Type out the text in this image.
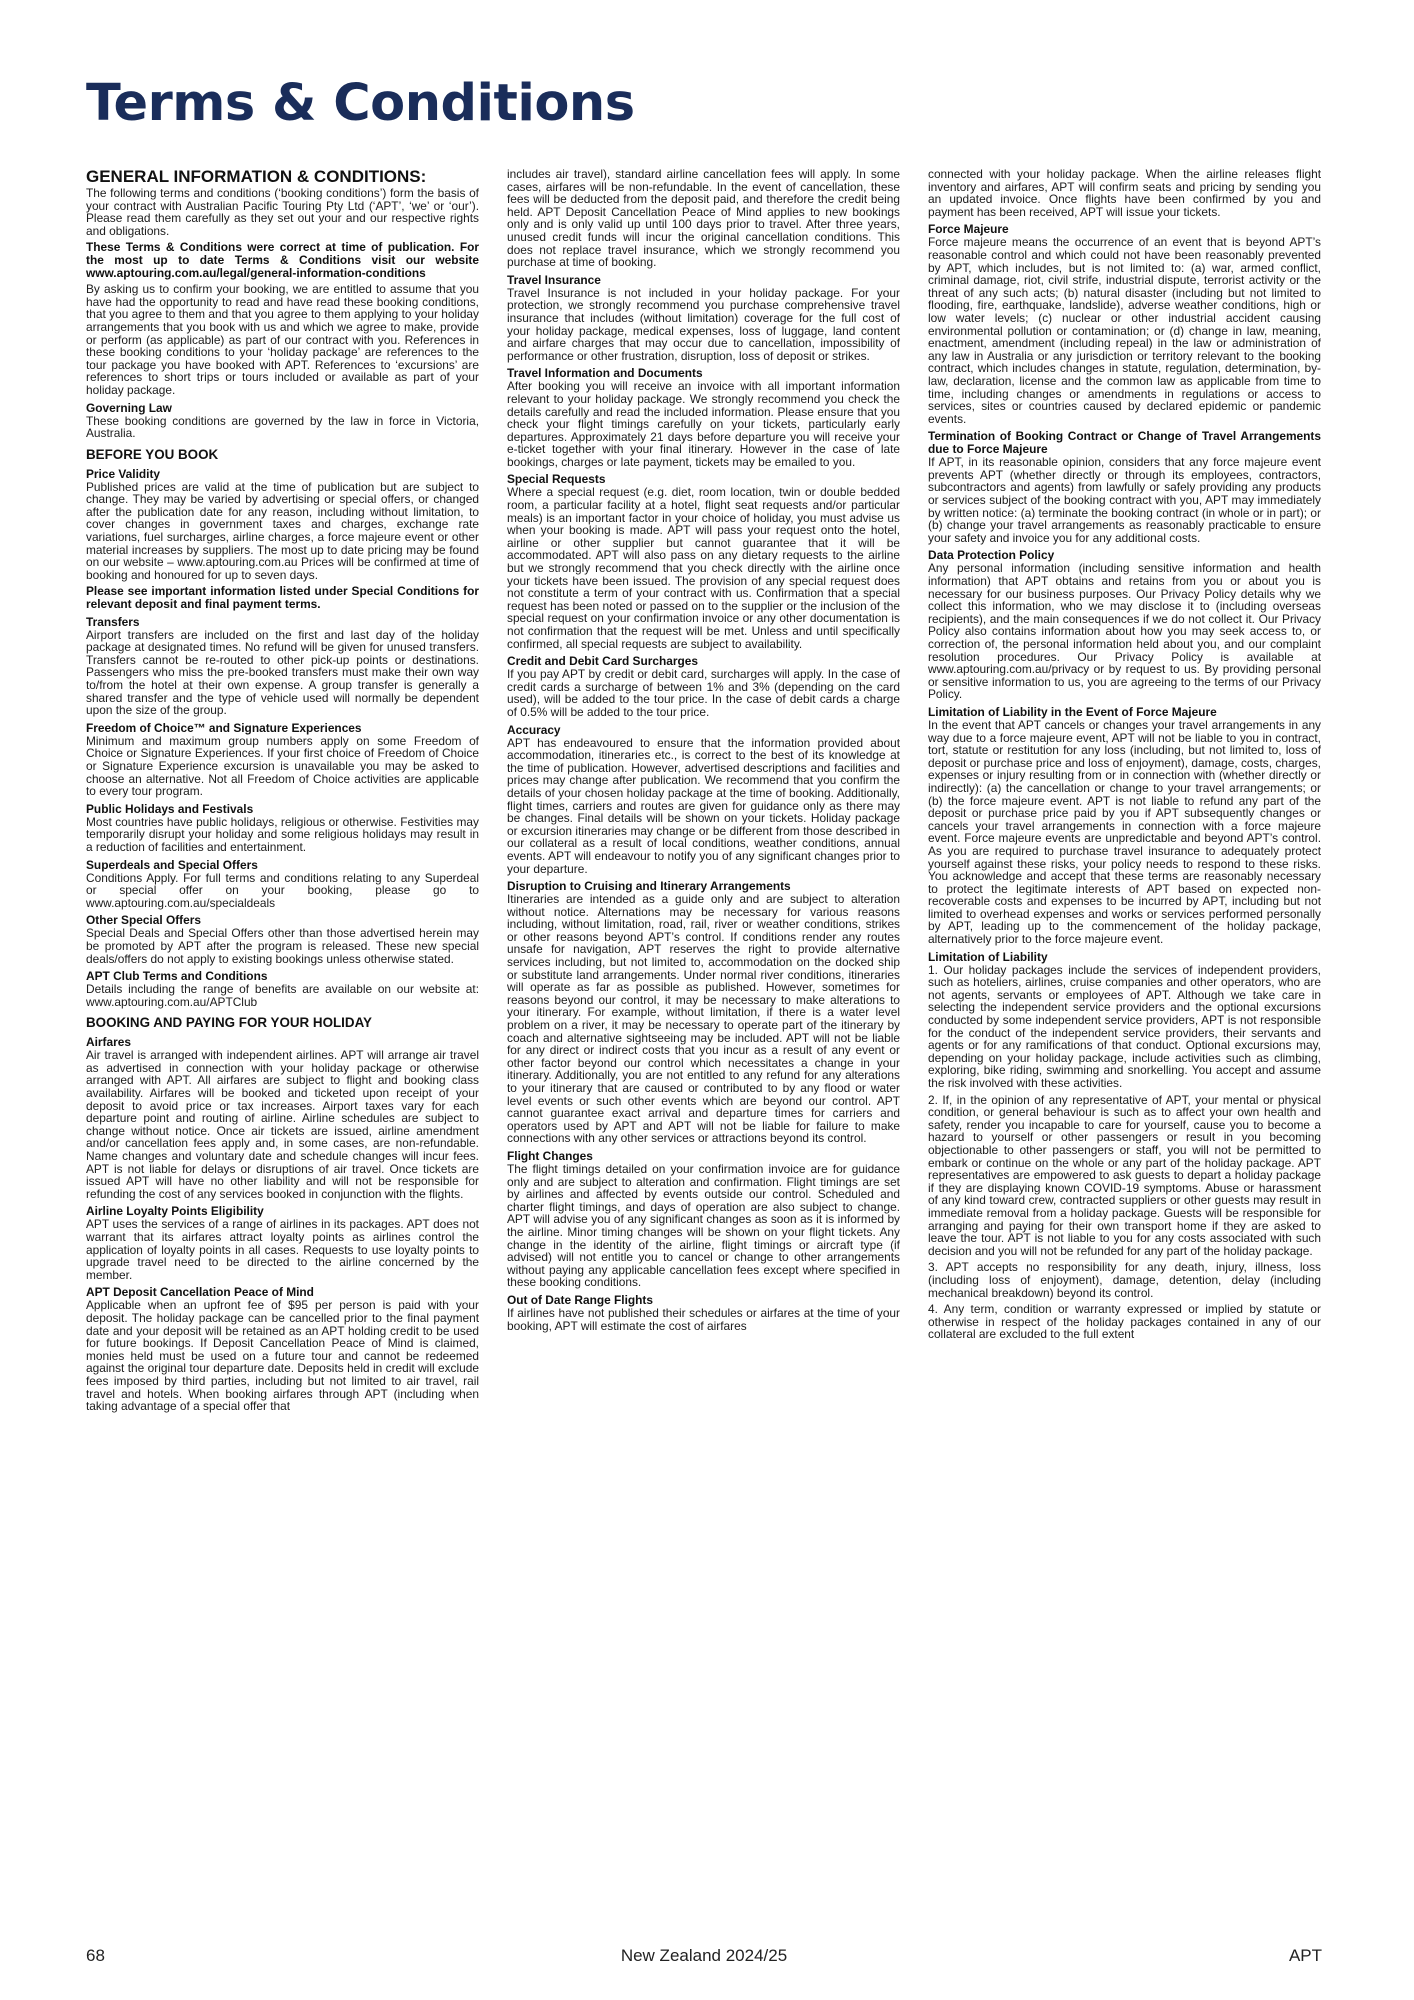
Terms & Conditions
GENERAL INFORMATION & CONDITIONS:

The following terms and conditions (‘booking conditions’) form the basis of your contract with Australian Pacific Touring Pty Ltd (‘APT’, ‘we’ or ‘our’). Please read them carefully as they set out your and our respective rights and obligations.

These Terms & Conditions were correct at time of publication. For the most up to date Terms & Conditions visit our website www.aptouring.com.au/legal/general-information-conditions

By asking us to confirm your booking, we are entitled to assume that you have had the opportunity to read and have read these booking conditions, that you agree to them and that you agree to them applying to your holiday arrangements that you book with us and which we agree to make, provide or perform (as applicable) as part of our contract with you. References in these booking conditions to your ‘holiday package’ are references to the tour package you have booked with APT. References to ‘excursions’ are references to short trips or tours included or available as part of your holiday package.

Governing Law

These booking conditions are governed by the law in force in Victoria, Australia.

BEFORE YOU BOOK
Price Validity

Published prices are valid at the time of publication but are subject to change. They may be varied by advertising or special offers, or changed after the publication date for any reason, including without limitation, to cover changes in government taxes and charges, exchange rate variations, fuel surcharges, airline charges, a force majeure event or other material increases by suppliers. The most up to date pricing may be found on our website – www.aptouring.com.au Prices will be confirmed at time of booking and honoured for up to seven days.

Please see important information listed under Special Conditions for relevant deposit and final payment terms.

Transfers

Airport transfers are included on the first and last day of the holiday package at designated times. No refund will be given for unused transfers. Transfers cannot be re-routed to other pick-up points or destinations. Passengers who miss the pre-booked transfers must make their own way to/from the hotel at their own expense. A group transfer is generally a shared transfer and the type of vehicle used will normally be dependent upon the size of the group.

Freedom of Choice™ and Signature Experiences

Minimum and maximum group numbers apply on some Freedom of Choice or Signature Experiences. If your first choice of Freedom of Choice or Signature Experience excursion is unavailable you may be asked to choose an alternative. Not all Freedom of Choice activities are applicable to every tour program.

Public Holidays and Festivals

Most countries have public holidays, religious or otherwise. Festivities may temporarily disrupt your holiday and some religious holidays may result in a reduction of facilities and entertainment.

Superdeals and Special Offers

Conditions Apply. For full terms and conditions relating to any Superdeal or special offer on your booking, please go to www.aptouring.com.au/specialdeals

Other Special Offers

Special Deals and Special Offers other than those advertised herein may be promoted by APT after the program is released. These new special deals/offers do not apply to existing bookings unless otherwise stated.

APT Club Terms and Conditions

Details including the range of benefits are available on our website at: www.aptouring.com.au/APTClub

BOOKING AND PAYING FOR YOUR HOLIDAY
Airfares

Air travel is arranged with independent airlines. APT will arrange air travel as advertised in connection with your holiday package or otherwise arranged with APT. All airfares are subject to flight and booking class availability. Airfares will be booked and ticketed upon receipt of your deposit to avoid price or tax increases. Airport taxes vary for each departure point and routing of airline. Airline schedules are subject to change without notice. Once air tickets are issued, airline amendment and/or cancellation fees apply and, in some cases, are non-refundable. Name changes and voluntary date and schedule changes will incur fees. APT is not liable for delays or disruptions of air travel. Once tickets are issued APT will have no other liability and will not be responsible for refunding the cost of any services booked in conjunction with the flights.

Airline Loyalty Points Eligibility

APT uses the services of a range of airlines in its packages. APT does not warrant that its airfares attract loyalty points as airlines control the application of loyalty points in all cases. Requests to use loyalty points to upgrade travel need to be directed to the airline concerned by the member.

APT Deposit Cancellation Peace of Mind

Applicable when an upfront fee of $95 per person is paid with your deposit. The holiday package can be cancelled prior to the final payment date and your deposit will be retained as an APT holding credit to be used for future bookings. If Deposit Cancellation Peace of Mind is claimed, monies held must be used on a future tour and cannot be redeemed against the original tour departure date. Deposits held in credit will exclude fees imposed by third parties, including but not limited to air travel, rail travel and hotels. When booking airfares through APT (including when taking advantage of a special offer that

includes air travel), standard airline cancellation fees will apply. In some cases, airfares will be non-refundable. In the event of cancellation, these fees will be deducted from the deposit paid, and therefore the credit being held. APT Deposit Cancellation Peace of Mind applies to new bookings only and is only valid up until 100 days prior to travel. After three years, unused credit funds will incur the original cancellation conditions. This does not replace travel insurance, which we strongly recommend you purchase at time of booking.

Travel Insurance

Travel Insurance is not included in your holiday package. For your protection, we strongly recommend you purchase comprehensive travel insurance that includes (without limitation) coverage for the full cost of your holiday package, medical expenses, loss of luggage, land content and airfare charges that may occur due to cancellation, impossibility of performance or other frustration, disruption, loss of deposit or strikes.

Travel Information and Documents

After booking you will receive an invoice with all important information relevant to your holiday package. We strongly recommend you check the details carefully and read the included information. Please ensure that you check your flight timings carefully on your tickets, particularly early departures. Approximately 21 days before departure you will receive your e-ticket together with your final itinerary. However in the case of late bookings, charges or late payment, tickets may be emailed to you.

Special Requests

Where a special request (e.g. diet, room location, twin or double bedded room, a particular facility at a hotel, flight seat requests and/or particular meals) is an important factor in your choice of holiday, you must advise us when your booking is made. APT will pass your request onto the hotel, airline or other supplier but cannot guarantee that it will be accommodated. APT will also pass on any dietary requests to the airline but we strongly recommend that you check directly with the airline once your tickets have been issued. The provision of any special request does not constitute a term of your contract with us. Confirmation that a special request has been noted or passed on to the supplier or the inclusion of the special request on your confirmation invoice or any other documentation is not confirmation that the request will be met. Unless and until specifically confirmed, all special requests are subject to availability.

Credit and Debit Card Surcharges

If you pay APT by credit or debit card, surcharges will apply. In the case of credit cards a surcharge of between 1% and 3% (depending on the card used), will be added to the tour price. In the case of debit cards a charge of 0.5% will be added to the tour price.

Accuracy

APT has endeavoured to ensure that the information provided about accommodation, itineraries etc., is correct to the best of its knowledge at the time of publication. However, advertised descriptions and facilities and prices may change after publication. We recommend that you confirm the details of your chosen holiday package at the time of booking. Additionally, flight times, carriers and routes are given for guidance only as there may be changes. Final details will be shown on your tickets. Holiday package or excursion itineraries may change or be different from those described in our collateral as a result of local conditions, weather conditions, annual events. APT will endeavour to notify you of any significant changes prior to your departure.

Disruption to Cruising and Itinerary Arrangements

Itineraries are intended as a guide only and are subject to alteration without notice. Alternations may be necessary for various reasons including, without limitation, road, rail, river or weather conditions, strikes or other reasons beyond APT’s control. If conditions render any routes unsafe for navigation, APT reserves the right to provide alternative services including, but not limited to, accommodation on the docked ship or substitute land arrangements. Under normal river conditions, itineraries will operate as far as possible as published. However, sometimes for reasons beyond our control, it may be necessary to make alterations to your itinerary. For example, without limitation, if there is a water level problem on a river, it may be necessary to operate part of the itinerary by coach and alternative sightseeing may be included. APT will not be liable for any direct or indirect costs that you incur as a result of any event or other factor beyond our control which necessitates a change in your itinerary. Additionally, you are not entitled to any refund for any alterations to your itinerary that are caused or contributed to by any flood or water level events or such other events which are beyond our control. APT cannot guarantee exact arrival and departure times for carriers and operators used by APT and APT will not be liable for failure to make connections with any other services or attractions beyond its control.

Flight Changes

The flight timings detailed on your confirmation invoice are for guidance only and are subject to alteration and confirmation. Flight timings are set by airlines and affected by events outside our control. Scheduled and charter flight timings, and days of operation are also subject to change. APT will advise you of any significant changes as soon as it is informed by the airline. Minor timing changes will be shown on your flight tickets. Any change in the identity of the airline, flight timings or aircraft type (if advised) will not entitle you to cancel or change to other arrangements without paying any applicable cancellation fees except where specified in these booking conditions.

Out of Date Range Flights

If airlines have not published their schedules or airfares at the time of your booking, APT will estimate the cost of airfares

connected with your holiday package. When the airline releases flight inventory and airfares, APT will confirm seats and pricing by sending you an updated invoice. Once flights have been confirmed by you and payment has been received, APT will issue your tickets.

Force Majeure

Force majeure means the occurrence of an event that is beyond APT’s reasonable control and which could not have been reasonably prevented by APT, which includes, but is not limited to: (a) war, armed conflict, criminal damage, riot, civil strife, industrial dispute, terrorist activity or the threat of any such acts; (b) natural disaster (including but not limited to flooding, fire, earthquake, landslide), adverse weather conditions, high or low water levels; (c) nuclear or other industrial accident causing environmental pollution or contamination; or (d) change in law, meaning, enactment, amendment (including repeal) in the law or administration of any law in Australia or any jurisdiction or territory relevant to the booking contract, which includes changes in statute, regulation, determination, by-law, declaration, license and the common law as applicable from time to time, including changes or amendments in regulations or access to services, sites or countries caused by declared epidemic or pandemic events.

Termination of Booking Contract or Change of Travel Arrangements due to Force Majeure

If APT, in its reasonable opinion, considers that any force majeure event prevents APT (whether directly or through its employees, contractors, subcontractors and agents) from lawfully or safely providing any products or services subject of the booking contract with you, APT may immediately by written notice: (a) terminate the booking contract (in whole or in part); or (b) change your travel arrangements as reasonably practicable to ensure your safety and invoice you for any additional costs.

Data Protection Policy

Any personal information (including sensitive information and health information) that APT obtains and retains from you or about you is necessary for our business purposes. Our Privacy Policy details why we collect this information, who we may disclose it to (including overseas recipients), and the main consequences if we do not collect it. Our Privacy Policy also contains information about how you may seek access to, or correction of, the personal information held about you, and our complaint resolution procedures. Our Privacy Policy is available at www.aptouring.com.au/privacy or by request to us. By providing personal or sensitive information to us, you are agreeing to the terms of our Privacy Policy.

Limitation of Liability in the Event of Force Majeure

In the event that APT cancels or changes your travel arrangements in any way due to a force majeure event, APT will not be liable to you in contract, tort, statute or restitution for any loss (including, but not limited to, loss of deposit or purchase price and loss of enjoyment), damage, costs, charges, expenses or injury resulting from or in connection with (whether directly or indirectly): (a) the cancellation or change to your travel arrangements; or (b) the force majeure event. APT is not liable to refund any part of the deposit or purchase price paid by you if APT subsequently changes or cancels your travel arrangements in connection with a force majeure event. Force majeure events are unpredictable and beyond APT’s control. As you are required to purchase travel insurance to adequately protect yourself against these risks, your policy needs to respond to these risks. You acknowledge and accept that these terms are reasonably necessary to protect the legitimate interests of APT based on expected non-recoverable costs and expenses to be incurred by APT, including but not limited to overhead expenses and works or services performed personally by APT, leading up to the commencement of the holiday package, alternatively prior to the force majeure event.

Limitation of Liability

1. Our holiday packages include the services of independent providers, such as hoteliers, airlines, cruise companies and other operators, who are not agents, servants or employees of APT. Although we take care in selecting the independent service providers and the optional excursions conducted by some independent service providers, APT is not responsible for the conduct of the independent service providers, their servants and agents or for any ramifications of that conduct. Optional excursions may, depending on your holiday package, include activities such as climbing, exploring, bike riding, swimming and snorkelling. You accept and assume the risk involved with these activities.

2. If, in the opinion of any representative of APT, your mental or physical condition, or general behaviour is such as to affect your own health and safety, render you incapable to care for yourself, cause you to become a hazard to yourself or other passengers or result in you becoming objectionable to other passengers or staff, you will not be permitted to embark or continue on the whole or any part of the holiday package. APT representatives are empowered to ask guests to depart a holiday package if they are displaying known COVID-19 symptoms. Abuse or harassment of any kind toward crew, contracted suppliers or other guests may result in immediate removal from a holiday package. Guests will be responsible for arranging and paying for their own transport home if they are asked to leave the tour. APT is not liable to you for any costs associated with such decision and you will not be refunded for any part of the holiday package.

3. APT accepts no responsibility for any death, injury, illness, loss (including loss of enjoyment), damage, detention, delay (including mechanical breakdown) beyond its control.

4. Any term, condition or warranty expressed or implied by statute or otherwise in respect of the holiday packages contained in any of our collateral are excluded to the full extent

68	New Zealand 2024/25	APT
